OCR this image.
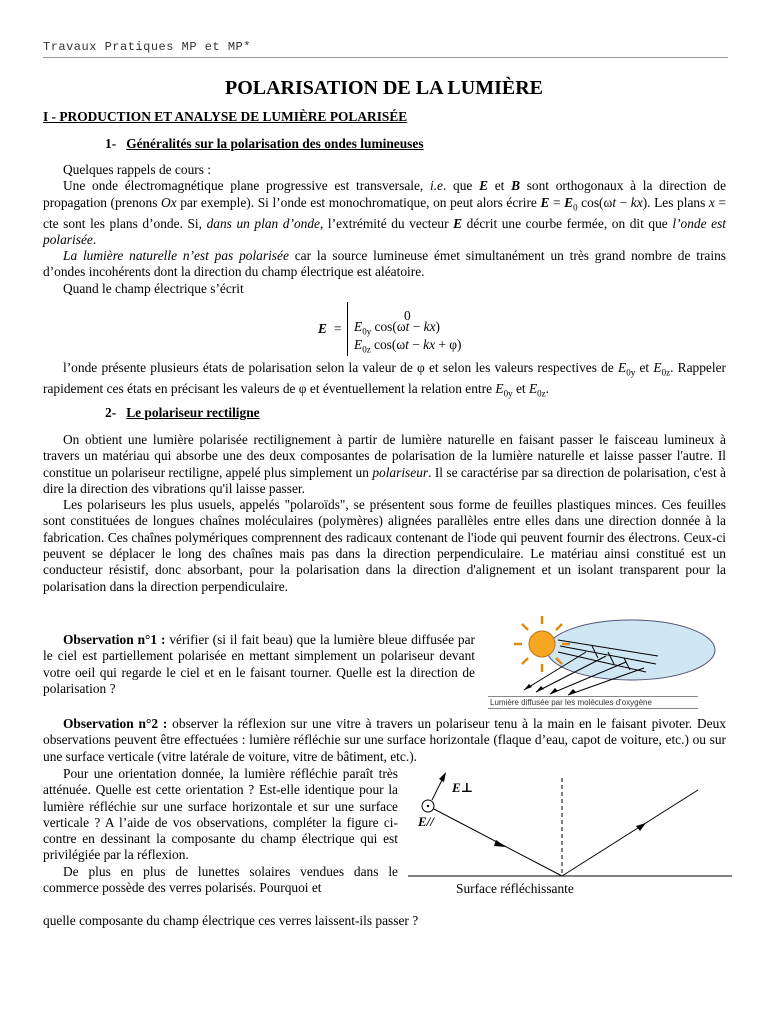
Travaux Pratiques MP et MP*
POLARISATION DE LA LUMIÈRE
I - PRODUCTION ET ANALYSE DE LUMIÈRE POLARISÉE
1- Généralités sur la polarisation des ondes lumineuses

Quelques rappels de cours :

Une onde électromagnétique plane progressive est transversale, i.e. que E et B sont orthogonaux à la direction de propagation (prenons Ox par exemple). Si l’onde est monochromatique, on peut alors écrire $E = E_0$ cos(ωt − kx). Les plans x = cte sont les plans d’onde. Si, dans un plan d’onde, l’extrémité du vecteur E décrit une courbe fermée, on dit que l’onde est polarisée.

La lumière naturelle n’est pas polarisée car la source lumineuse émet simultanément un très grand nombre de trains d’ondes incohérents dont la direction du champ électrique est aléatoire.

Quand le champ électrique s’écrit

E =
0
$E_{0y}$ cos(ωt − kx)
$E_{0z}$ cos(ωt − kx + φ)

l’onde présente plusieurs états de polarisation selon la valeur de φ et selon les valeurs respectives de $E_{0y}$ et $E_{0z}$. Rappeler rapidement ces états en précisant les valeurs de φ et éventuellement la relation entre $E_{0y}$ et $E_{0z}$.

2- Le polariseur rectiligne

On obtient une lumière polarisée rectilignement à partir de lumière naturelle en faisant passer le faisceau lumineux à travers un matériau qui absorbe une des deux composantes de polarisation de la lumière naturelle et laisse passer l'autre. Il constitue un polariseur rectiligne, appelé plus simplement un polariseur. Il se caractérise par sa direction de polarisation, c'est à dire la direction des vibrations qu'il laisse passer.

Les polariseurs les plus usuels, appelés "polaroïds", se présentent sous forme de feuilles plastiques minces. Ces feuilles sont constituées de longues chaînes moléculaires (polymères) alignées parallèles entre elles dans une direction donnée à la fabrication. Ces chaînes polymériques comprennent des radicaux contenant de l'iode qui peuvent fournir des électrons. Ceux-ci peuvent se déplacer le long des chaînes mais pas dans la direction perpendiculaire. Le matériau ainsi constitué est un conducteur résistif, donc absorbant, pour la polarisation dans la direction d'alignement et un isolant transparent pour la polarisation dans la direction perpendiculaire.

Observation n°1 : vérifier (si il fait beau) que la lumière bleue diffusée par le ciel est partiellement polarisée en mettant simplement un polariseur devant votre oeil qui regarde le ciel et en le faisant tourner. Quelle est la direction de polarisation ?

Lumière diffusée par les molécules d'oxygène

Observation n°2 : observer la réflexion sur une vitre à travers un polariseur tenu à la main en le faisant pivoter. Deux observations peuvent être effectuées : lumière réfléchie sur une surface horizontale (flaque d’eau, capot de voiture, etc.) ou sur une surface verticale (vitre latérale de voiture, vitre de bâtiment, etc.).

Pour une orientation donnée, la lumière réfléchie paraît très atténuée. Quelle est cette orientation ? Est-elle identique pour la lumière réfléchie sur une surface horizontale et sur une surface verticale ? A l’aide de vos observations, compléter la figure ci-contre en dessinant la composante du champ électrique qui est privilégiée par la réflexion.

De plus en plus de lunettes solaires vendues dans le commerce possède des verres polarisés. Pourquoi et

quelle composante du champ électrique ces verres laissent-ils passer ?

E⊥
E//
Surface réfléchissante
